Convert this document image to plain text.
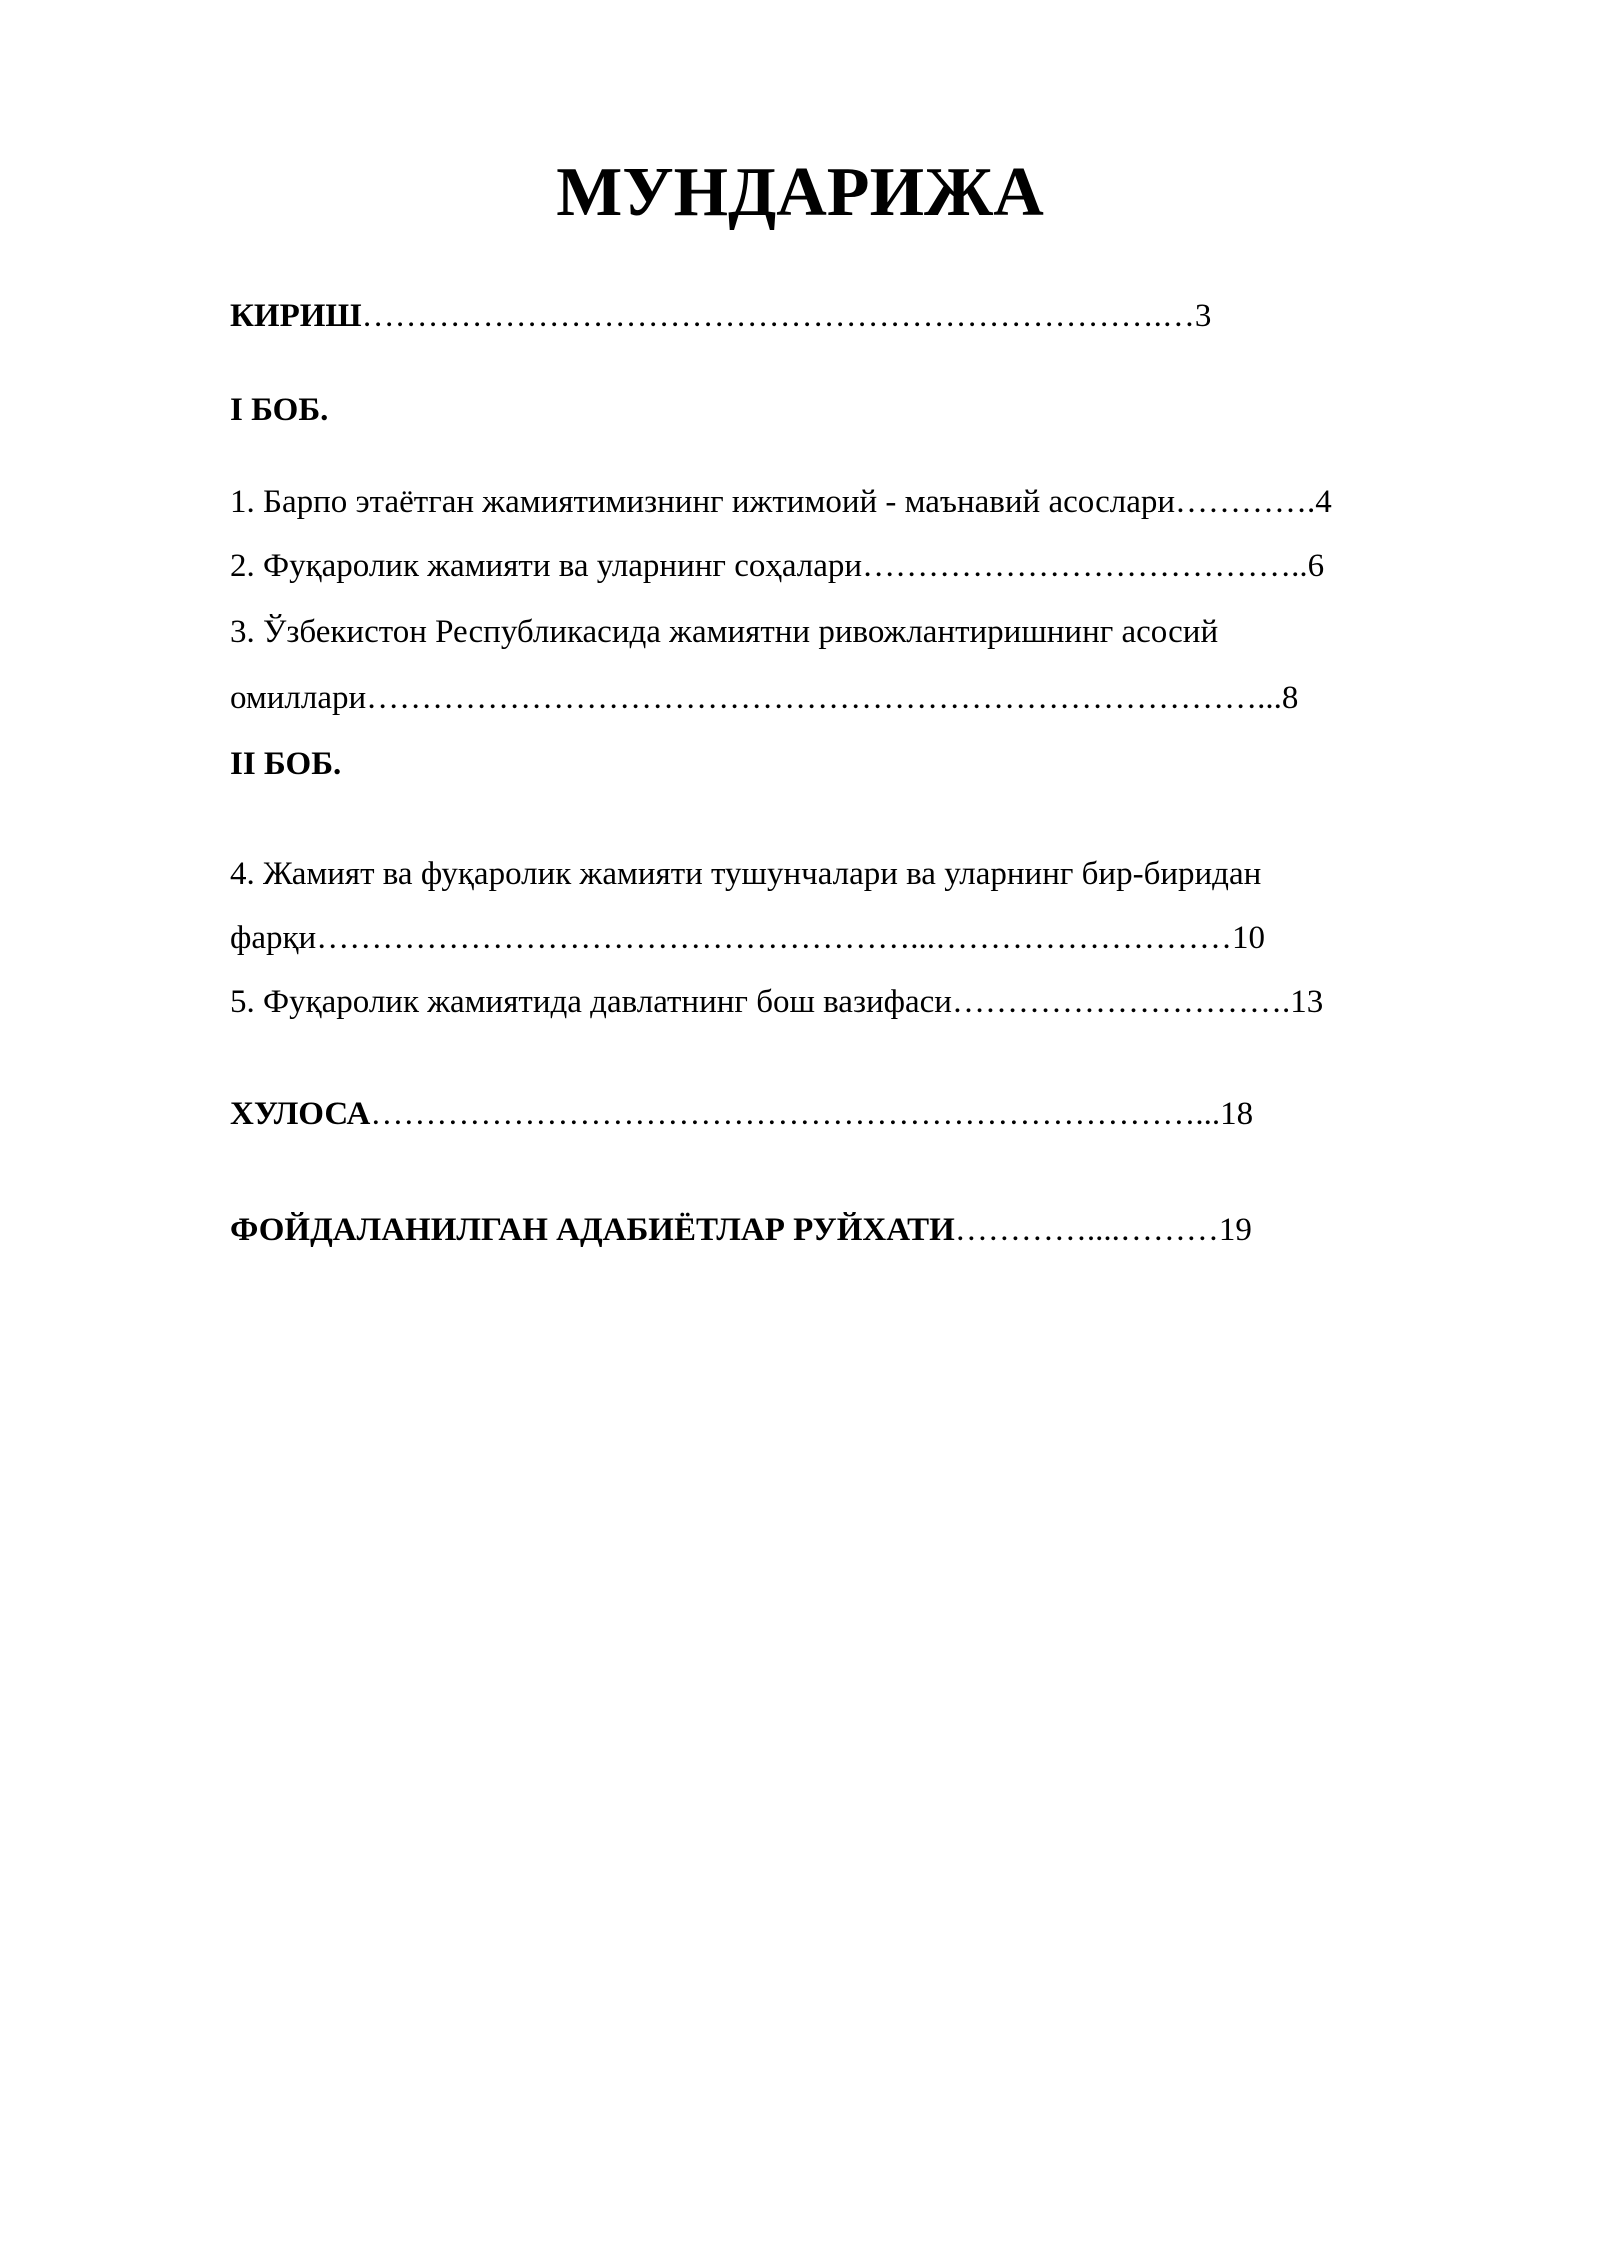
МУНДАРИЖА

КИРИШ……………………………………………………………….…3

I БОБ.

1. Барпо этаётган жамиятимизнинг ижтимоий - маънавий асослари………….4

2. Фуқаролик жамияти ва уларнинг соҳалари…………………………………..6

3. Ўзбекистон Республикасида жамиятни ривожлантиришнинг асосий

омиллари………………………………………………………………………...8

II БОБ.

4. Жамият ва фуқаролик жамияти тушунчалари ва уларнинг бир-биридан

фарқи………………………………………………...………………………10

5. Фуқаролик жамиятида давлатнинг бош вазифаси………………………….13

ХУЛОСА…………………………………………………………………...18

ФОЙДАЛАНИЛГАН АДАБИЁТЛАР РУЙХАТИ…………....………19
